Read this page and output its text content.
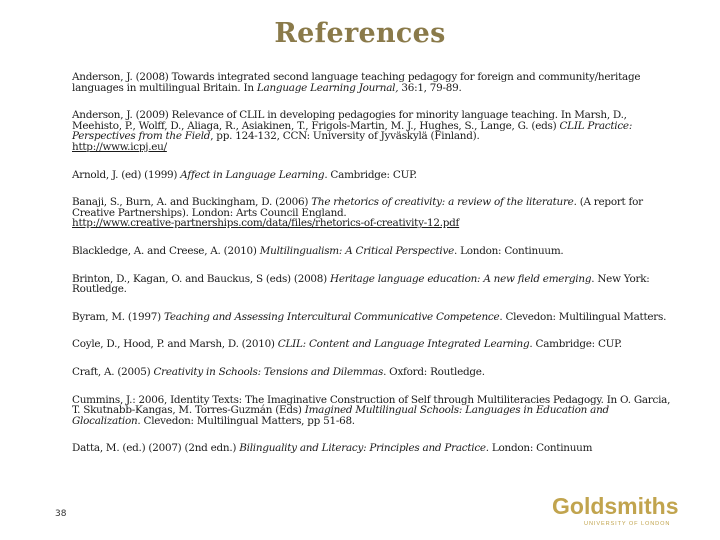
References

Anderson, J. (2008) Towards integrated second language teaching pedagogy for foreign and community/heritage languages in multilingual Britain. In Language Learning Journal, 36:1, 79-89.

Anderson, J. (2009) Relevance of CLIL in developing pedagogies for minority language teaching. In Marsh, D., Meehisto, P., Wolff, D., Aliaga, R., Asiakinen, T., Frigols-Martin, M. J., Hughes, S., Lange, G. (eds) CLIL Practice: Perspectives from the Field, pp. 124-132, CCN: University of Jyväskylä (Finland).
http://www.icpj.eu/

Arnold, J. (ed) (1999) Affect in Language Learning. Cambridge: CUP.

Banaji, S., Burn, A. and Buckingham, D. (2006) The rhetorics of creativity: a review of the literature. (A report for Creative Partnerships). London: Arts Council England.
http://www.creative-partnerships.com/data/files/rhetorics-of-creativity-12.pdf

Blackledge, A. and Creese, A. (2010) Multilingualism: A Critical Perspective. London: Continuum.

Brinton, D., Kagan, O. and Bauckus, S (eds) (2008) Heritage language education: A new field emerging. New York: Routledge.

Byram, M. (1997) Teaching and Assessing Intercultural Communicative Competence. Clevedon: Multilingual Matters.

Coyle, D., Hood, P. and Marsh, D. (2010) CLIL: Content and Language Integrated Learning. Cambridge: CUP.

Craft, A. (2005) Creativity in Schools: Tensions and Dilemmas. Oxford: Routledge.

Cummins, J.: 2006, Identity Texts: The Imaginative Construction of Self through Multiliteracies Pedagogy. In O. Garcia, T. Skutnabb-Kangas, M. Torres-Guzmán (Eds) Imagined Multilingual Schools: Languages in Education and Glocalization. Clevedon: Multilingual Matters, pp 51-68.

Datta, M. (ed.) (2007) (2nd edn.) Bilinguality and Literacy: Principles and Practice. London: Continuum

38	Goldsmiths
UNIVERSITY OF LONDON
